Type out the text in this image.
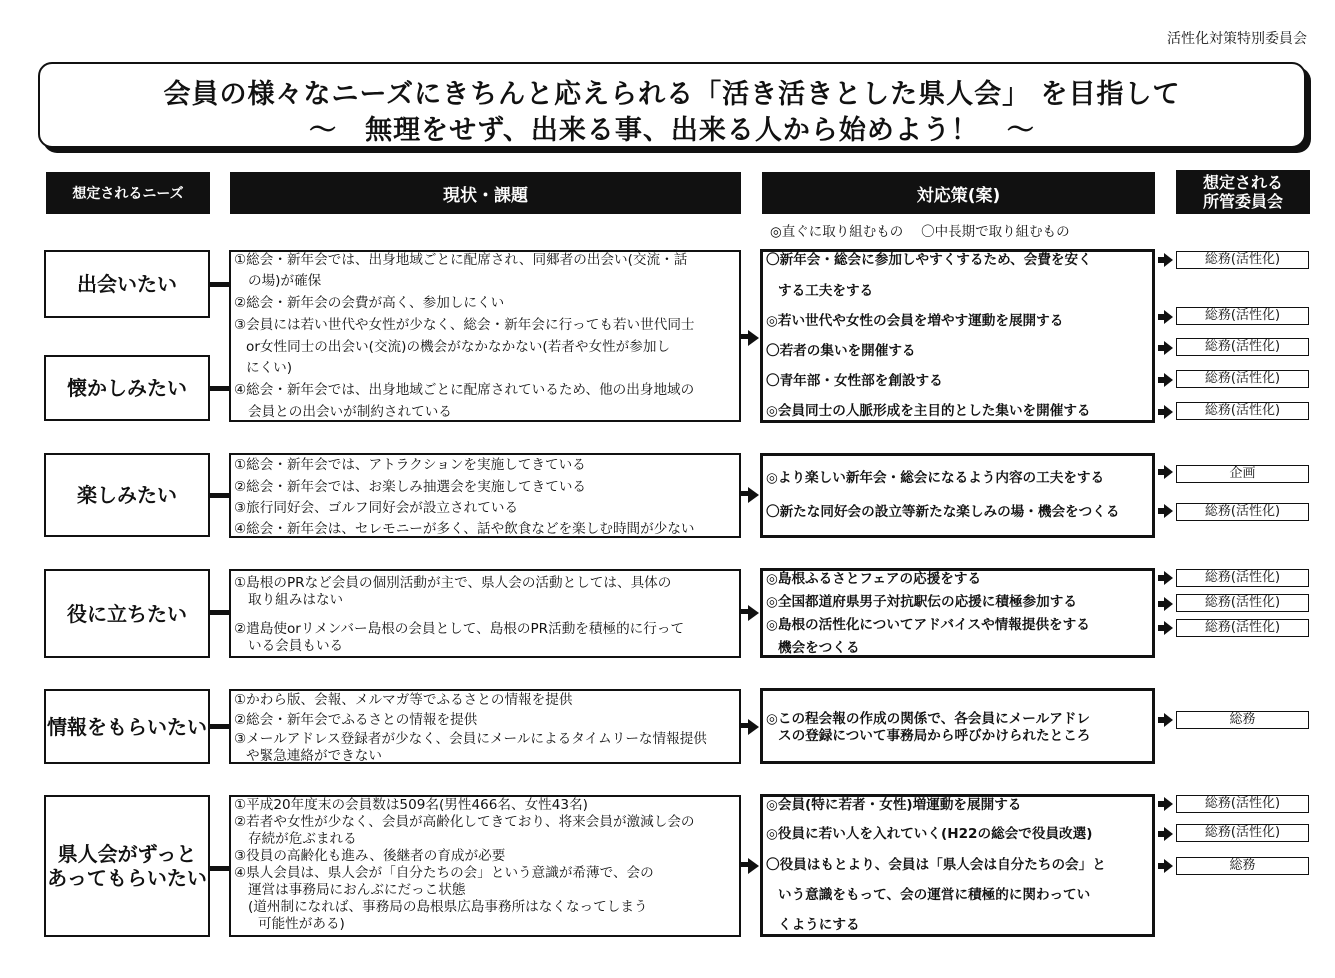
活性化対策特別委員会
会員の様々なニーズにきちんと応えられる「活き活きとした県人会」 を目指して
～　無理をせず、出来る事、出来る人から始めよう！　～
想定されるニーズ	現状・課題	対応策(案)
想定される
所管委員会
◎直ぐに取り組むもの　 〇中長期で取り組むもの
出会いたい
懐かしみたい
①総会・新年会では、出身地域ごとに配席され、同郷者の出会い(交流・話
の場)が確保
②総会・新年会の会費が高く、参加しにくい
③会員には若い世代や女性が少なく、総会・新年会に行っても若い世代同士
or女性同士の出会い(交流)の機会がなかなかない(若者や女性が参加し
にくい)
④総会・新年会では、出身地域ごとに配席されているため、他の出身地域の
会員との出会いが制約されている
〇新年会・総会に参加しやすくするため、会費を安く
する工夫をする
◎若い世代や女性の会員を増やす運動を展開する
〇若者の集いを開催する
〇青年部・女性部を創設する
◎会員同士の人脈形成を主目的とした集いを開催する
総務(活性化)
総務(活性化)
総務(活性化)
総務(活性化)
総務(活性化)
楽しみたい
①総会・新年会では、アトラクションを実施してきている
②総会・新年会では、お楽しみ抽選会を実施してきている
③旅行同好会、ゴルフ同好会が設立されている
④総会・新年会は、セレモニーが多く、話や飲食などを楽しむ時間が少ない
◎より楽しい新年会・総会になるよう内容の工夫をする
〇新たな同好会の設立等新たな楽しみの場・機会をつくる
企画
総務(活性化)
役に立ちたい
①島根のPRなど会員の個別活動が主で、県人会の活動としては、具体の
取り組みはない
②遣島使orリメンバー島根の会員として、島根のPR活動を積極的に行って
いる会員もいる
◎島根ふるさとフェアの応援をする
◎全国都道府県男子対抗駅伝の応援に積極参加する
◎島根の活性化についてアドバイスや情報提供をする
機会をつくる
総務(活性化)
総務(活性化)
総務(活性化)
情報をもらいたい
①かわら版、会報、メルマガ等でふるさとの情報を提供
②総会・新年会でふるさとの情報を提供
③メールアドレス登録者が少なく、会員にメールによるタイムリーな情報提供
や緊急連絡ができない
◎この程会報の作成の関係で、各会員にメールアドレ
スの登録について事務局から呼びかけられたところ
総務
県人会がずっと
あってもらいたい
①平成20年度末の会員数は509名(男性466名、女性43名)
②若者や女性が少なく、会員が高齢化してきており、将来会員が激減し会の
存続が危ぶまれる
③役員の高齢化も進み、後継者の育成が必要
④県人会員は、県人会が「自分たちの会」という意識が希薄で、会の
運営は事務局におんぶにだっこ状態
(道州制になれば、事務局の島根県広島事務所はなくなってしまう
可能性がある)
◎会員(特に若者・女性)増運動を展開する
◎役員に若い人を入れていく(H22の総会で役員改選)
〇役員はもとより、会員は「県人会は自分たちの会」と
いう意識をもって、会の運営に積極的に関わってい
くようにする
総務(活性化)
総務(活性化)
総務
